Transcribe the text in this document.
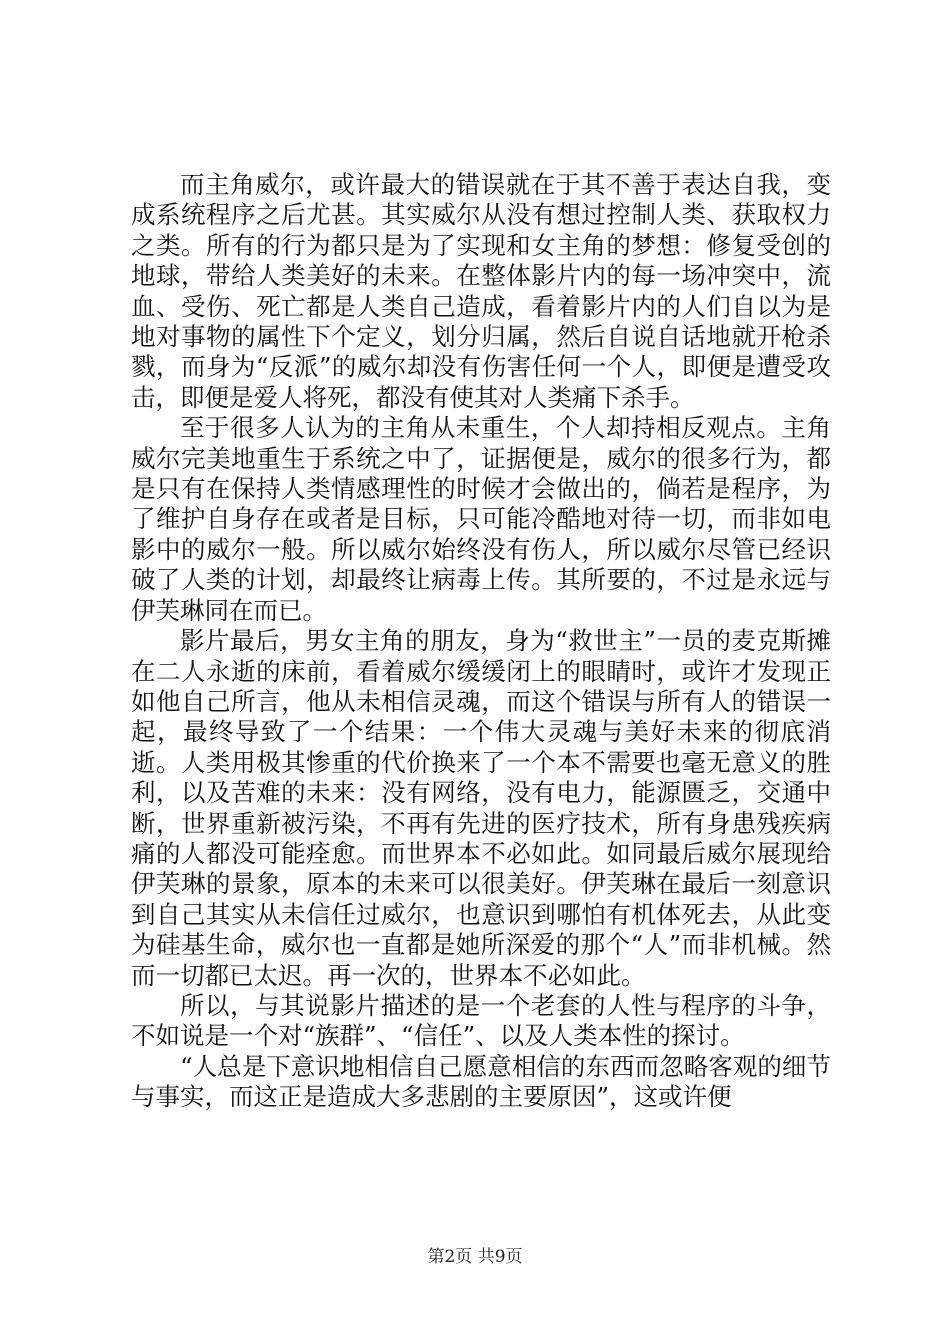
而主角威尔，或许最大的错误就在于其不善于表达自我，变成系统程序之后尤甚。其实威尔从没有想过控制人类、获取权力之类。所有的行为都只是为了实现和女主角的梦想：修复受创的地球，带给人类美好的未来。在整体影片内的每一场冲突中，流血、受伤、死亡都是人类自己造成，看着影片内的人们自以为是地对事物的属性下个定义，划分归属，然后自说自话地就开枪杀戮，而身为“反派”的威尔却没有伤害任何一个人，即便是遭受攻击，即便是爱人将死，都没有使其对人类痛下杀手。

至于很多人认为的主角从未重生，个人却持相反观点。主角威尔完美地重生于系统之中了，证据便是，威尔的很多行为，都是只有在保持人类情感理性的时候才会做出的，倘若是程序，为了维护自身存在或者是目标，只可能冷酷地对待一切，而非如电影中的威尔一般。所以威尔始终没有伤人，所以威尔尽管已经识破了人类的计划，却最终让病毒上传。其所要的，不过是永远与伊芙琳同在而已。

影片最后，男女主角的朋友，身为“救世主”一员的麦克斯摊在二人永逝的床前，看着威尔缓缓闭上的眼睛时，或许才发现正如他自己所言，他从未相信灵魂，而这个错误与所有人的错误一起，最终导致了一个结果：一个伟大灵魂与美好未来的彻底消逝。人类用极其惨重的代价换来了一个本不需要也毫无意义的胜利，以及苦难的未来：没有网络，没有电力，能源匮乏，交通中断，世界重新被污染，不再有先进的医疗技术，所有身患残疾病痛的人都没可能痊愈。而世界本不必如此。如同最后威尔展现给伊芙琳的景象，原本的未来可以很美好。伊芙琳在最后一刻意识到自己其实从未信任过威尔，也意识到哪怕有机体死去，从此变为硅基生命，威尔也一直都是她所深爱的那个“人”而非机械。然而一切都已太迟。再一次的，世界本不必如此。

所以，与其说影片描述的是一个老套的人性与程序的斗争，不如说是一个对“族群”、“信任”、以及人类本性的探讨。

“人总是下意识地相信自己愿意相信的东西而忽略客观的细节与事实，而这正是造成大多悲剧的主要原因”，这或许便

第2页 共9页
